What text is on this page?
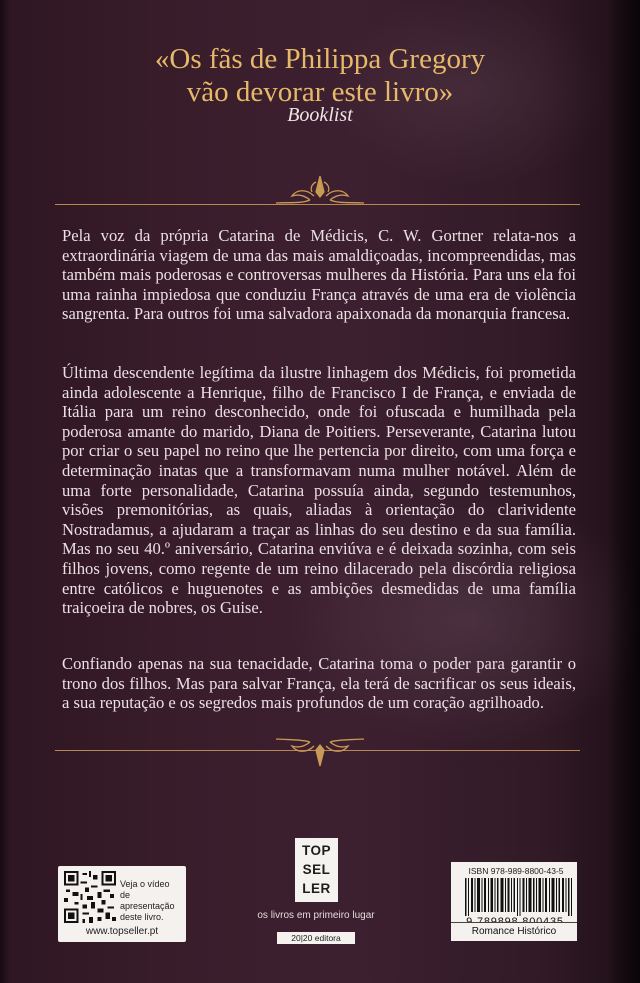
«Os fãs de Philippa Gregory
vão devorar este livro»
Booklist

Pela voz da própria Catarina de Médicis, C. W. Gortner relata-nos a extraordinária viagem de uma das mais amaldiçoadas, incompreendidas, mas também mais poderosas e controversas mulheres da História. Para uns ela foi uma rainha impiedosa que conduziu França através de uma era de violência sangrenta. Para outros foi uma salvadora apaixonada da monarquia francesa.

Última descendente legítima da ilustre linhagem dos Médicis, foi prometida ainda adolescente a Henrique, filho de Francisco I de França, e enviada de Itália para um reino desconhecido, onde foi ofuscada e humilhada pela poderosa amante do marido, Diana de Poitiers. Perseverante, Catarina lutou por criar o seu papel no reino que lhe pertencia por direito, com uma força e determinação inatas que a transformavam numa mulher notável. Além de uma forte personalidade, Catarina possuía ainda, segundo testemunhos, visões premonitórias, as quais, aliadas à orientação do clarividente Nostradamus, a ajudaram a traçar as linhas do seu destino e da sua família. Mas no seu 40.º aniversário, Catarina enviúva e é deixada sozinha, com seis filhos jovens, como regente de um reino dilacerado pela discórdia religiosa entre católicos e huguenotes e as ambições desmedidas de uma família traiçoeira de nobres, os Guise.

Confiando apenas na sua tenacidade, Catarina toma o poder para garantir o trono dos filhos. Mas para salvar França, ela terá de sacrificar os seus ideais, a sua reputação e os segredos mais profundos de um coração agrilhoado.

Veja o vídeo de apresentação deste livro.
www.topseller.pt
TOP
SEL
LER
os livros em primeiro lugar
20|20 editora
ISBN 978-989-8800-43-5
Romance Histórico
